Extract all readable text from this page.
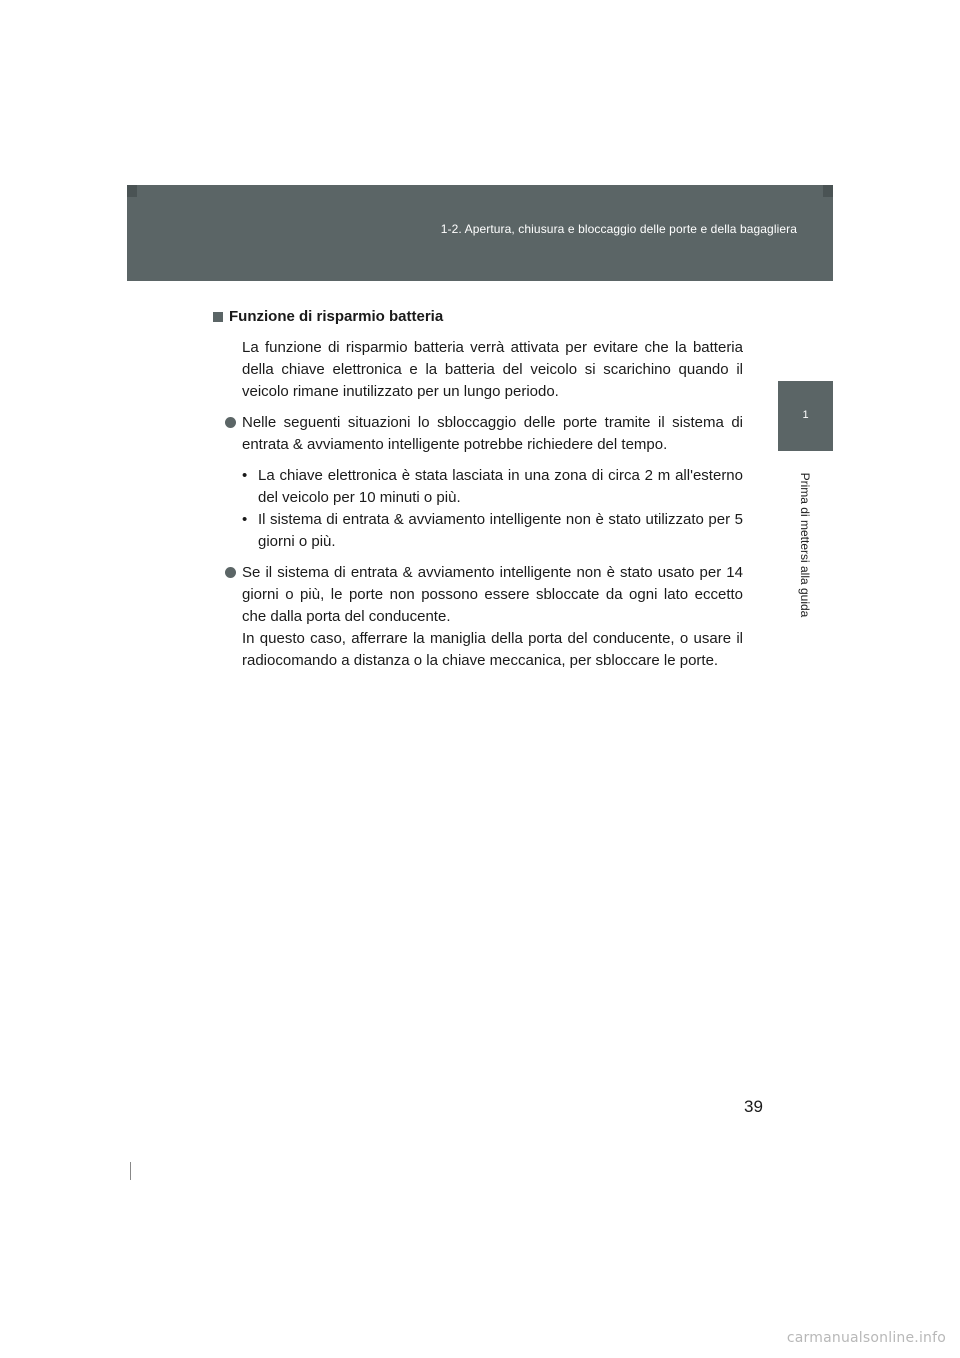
1-2. Apertura, chiusura e bloccaggio delle porte e della bagagliera
1
Prima di mettersi alla guida
Funzione di risparmio batteria

La funzione di risparmio batteria verrà attivata per evitare che la batteria della chiave elettronica e la batteria del veicolo si scarichino quando il veicolo rimane inutilizzato per un lungo periodo.

Nelle seguenti situazioni lo sbloccaggio delle porte tramite il sistema di entrata & avviamento intelligente potrebbe richiedere del tempo.

• La chiave elettronica è stata lasciata in una zona di circa 2 m all'esterno del veicolo per 10 minuti o più.
• Il sistema di entrata & avviamento intelligente non è stato utilizzato per 5 giorni o più.

Se il sistema di entrata & avviamento intelligente non è stato usato per 14 giorni o più, le porte non possono essere sbloccate da ogni lato eccetto che dalla porta del conducente.

In questo caso, afferrare la maniglia della porta del conducente, o usare il radiocomando a distanza o la chiave meccanica, per sbloccare le porte.

39
carmanualsonline.info
